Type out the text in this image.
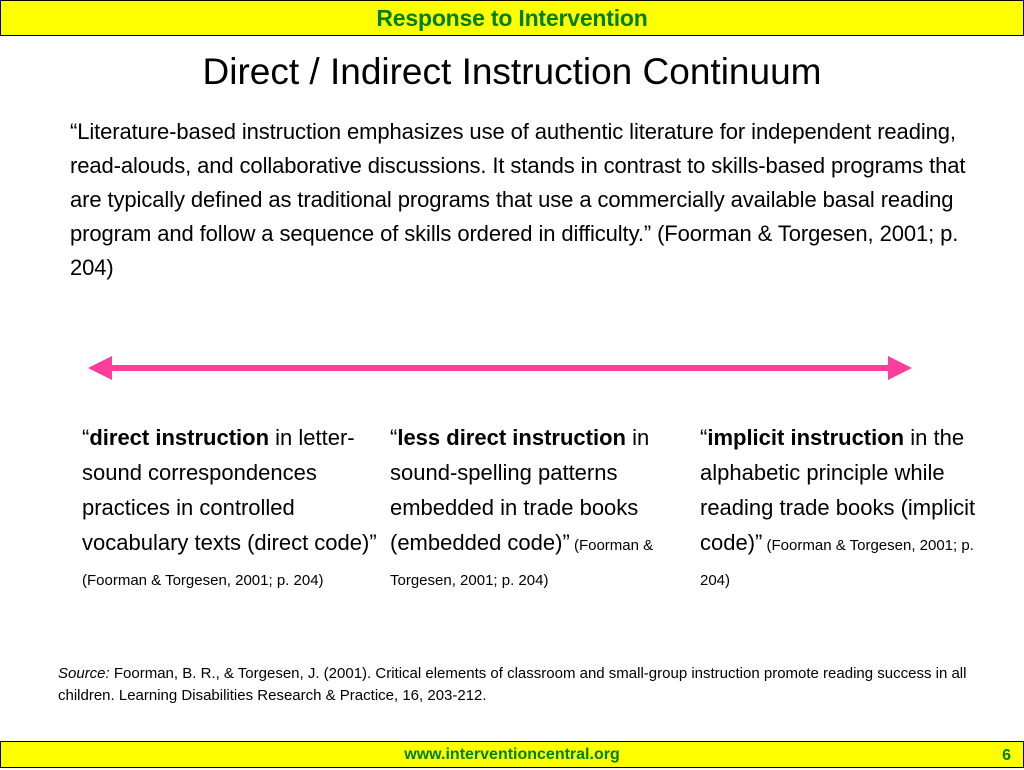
Response to Intervention
Direct / Indirect Instruction Continuum
“Literature-based instruction emphasizes use of authentic literature for independent reading, read-alouds, and collaborative discussions. It stands in contrast to skills-based programs that are typically defined as traditional programs that use a commercially available basal reading program and follow a sequence of skills ordered in difficulty.” (Foorman & Torgesen, 2001; p. 204)
“direct instruction in letter-sound correspondences practices in controlled vocabulary texts (direct code)” (Foorman & Torgesen, 2001; p. 204)
“less direct instruction in sound-spelling patterns embedded in trade books (embedded code)” (Foorman & Torgesen, 2001; p. 204)
“implicit instruction in the alphabetic principle while reading trade books (implicit code)” (Foorman & Torgesen, 2001; p. 204)
Source: Foorman, B. R., & Torgesen, J. (2001). Critical elements of classroom and small-group instruction promote reading success in all children. Learning Disabilities Research & Practice, 16, 203-212.
www.interventioncentral.org	6
